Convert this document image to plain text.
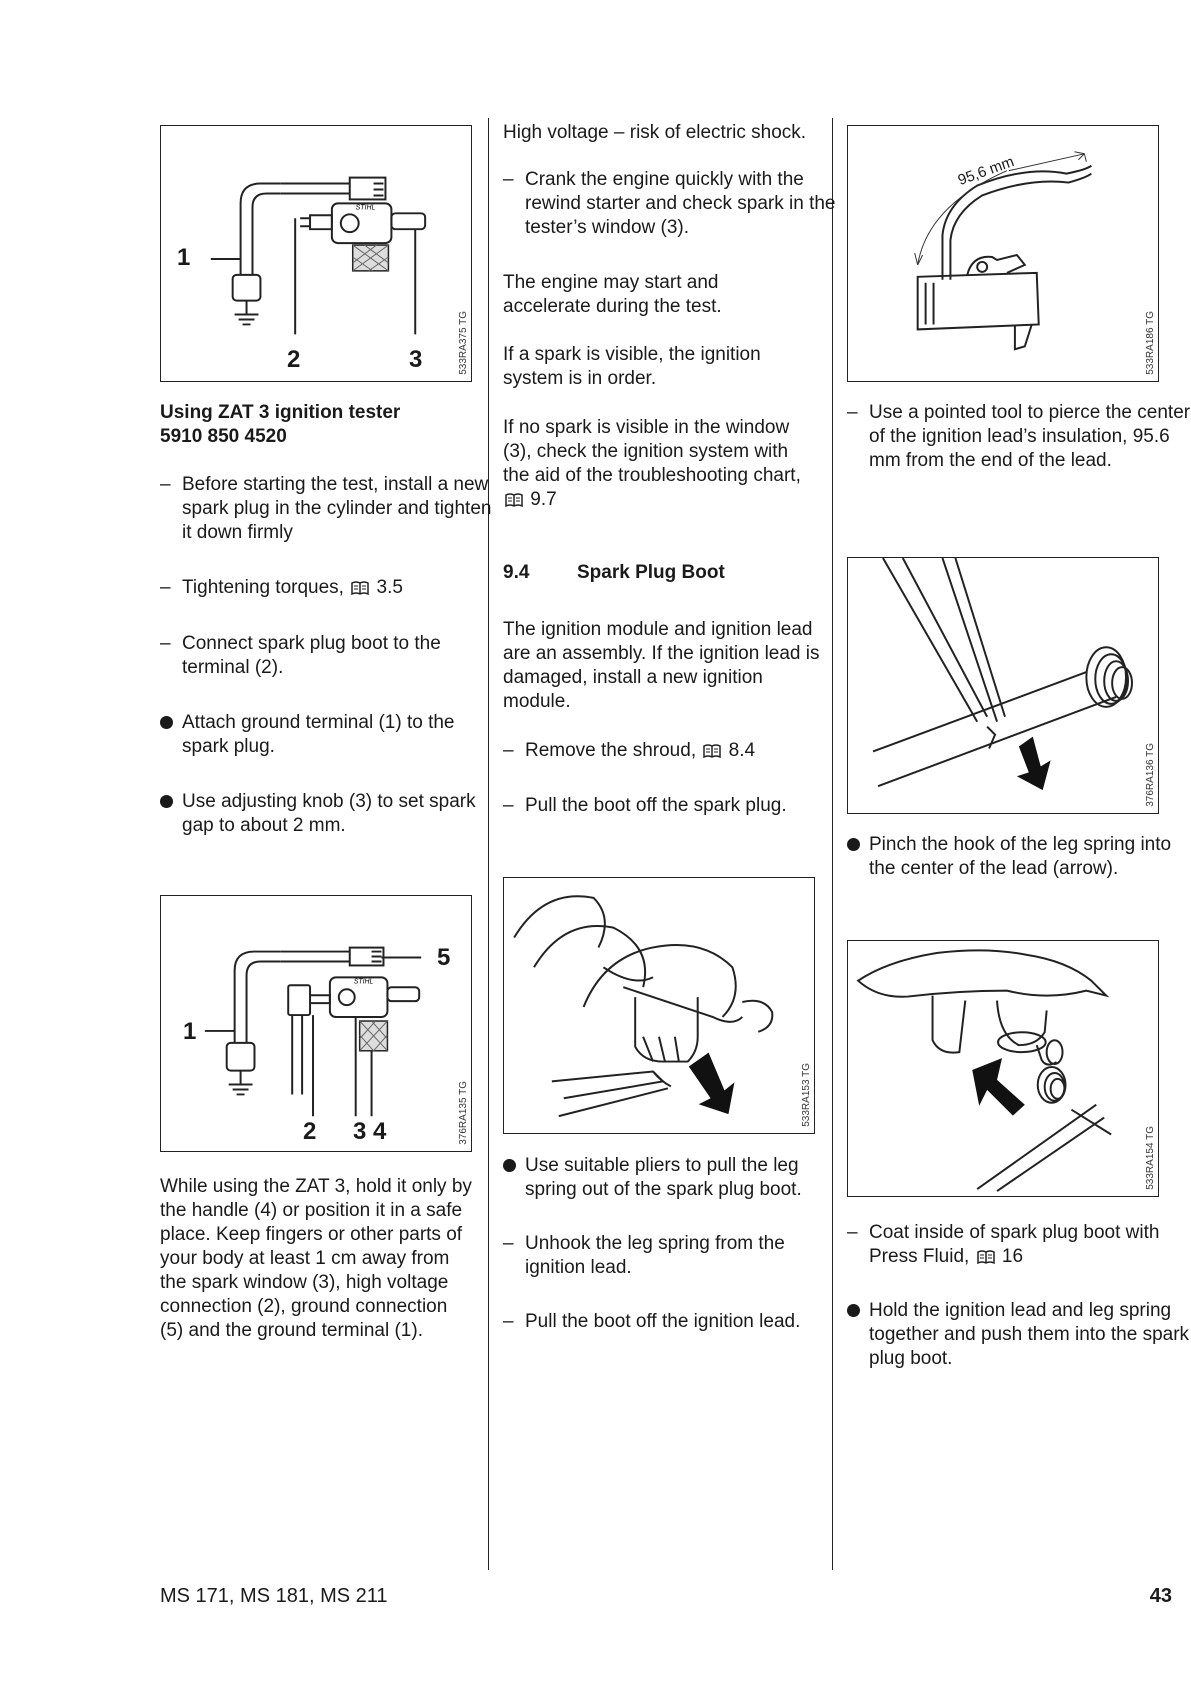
STIHL
1
2	3	533RA375 TG
Using ZAT 3 ignition tester
5910 850 4520
– Before starting the test, install a new spark plug in the cylinder and tighten it down firmly
– Tightening torques, 3.5
– Connect spark plug boot to the terminal (2).
Attach ground terminal (1) to the spark plug.
Use adjusting knob (3) to set spark gap to about 2 mm.
STIHL
1
2 3 4
5
376RA135 TG
While using the ZAT 3, hold it only by the handle (4) or position it in a safe place. Keep fingers or other parts of your body at least 1 cm away from the spark window (3), high voltage connection (2), ground connection (5) and the ground terminal (1).
High voltage – risk of electric shock.
– Crank the engine quickly with the rewind starter and check spark in the tester’s window (3).
The engine may start and accelerate during the test.
If a spark is visible, the ignition system is in order.
If no spark is visible in the window (3), check the ignition system with the aid of the troubleshooting chart,  9.7
9.4	Spark Plug Boot
The ignition module and ignition lead are an assembly. If the ignition lead is damaged, install a new ignition module.
– Remove the shroud, 8.4
– Pull the boot off the spark plug.
.	533RA153 TG
Use suitable pliers to pull the leg spring out of the spark plug boot.
– Unhook the leg spring from the ignition lead.
– Pull the boot off the ignition lead.
95,6 mm
533RA186 TG
– Use a pointed tool to pierce the center of the ignition lead’s insulation, 95.6 mm from the end of the lead.
376RA136 TG
Pinch the hook of the leg spring into the center of the lead (arrow).
533RA154 TG
– Coat inside of spark plug boot with Press Fluid, 16
Hold the ignition lead and leg spring together and push them into the spark plug boot.
MS 171, MS 181, MS 211	43
